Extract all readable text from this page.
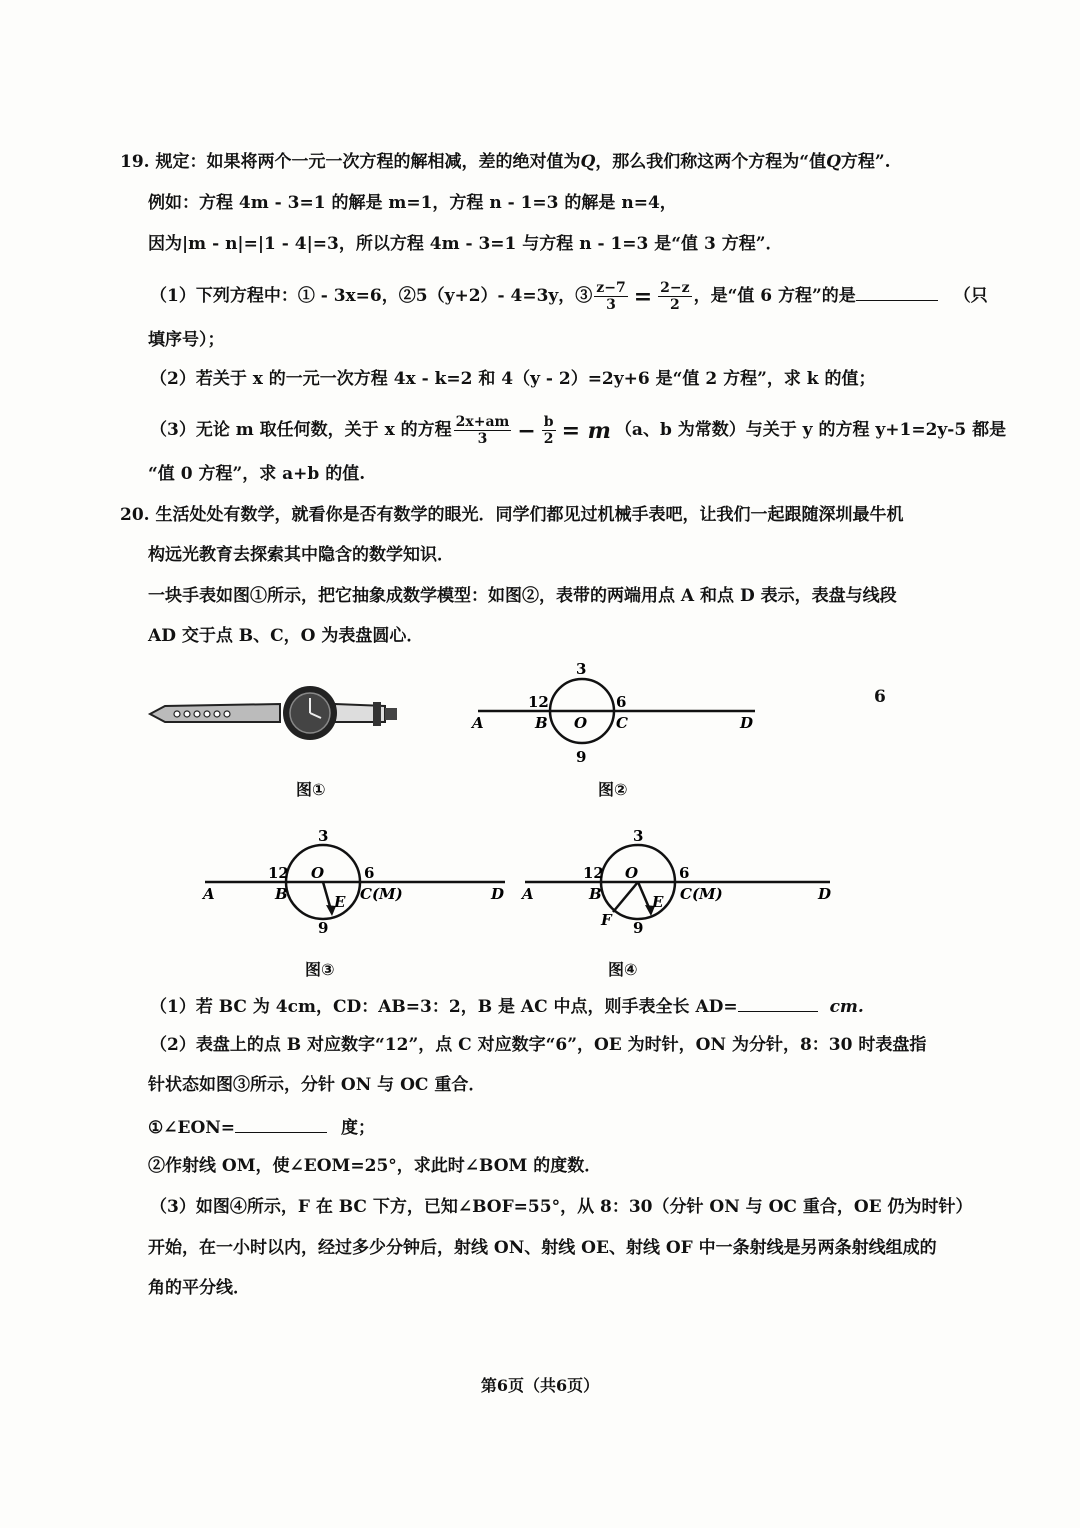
19. 规定：如果将两个一元一次方程的解相减，差的绝对值为Q，那么我们称这两个方程为“值Q方程”.
例如：方程 4m - 3=1 的解是 m=1，方程 n - 1=3 的解是 n=4，
因为|m - n|=|1 - 4|=3，所以方程 4m - 3=1 与方程 n - 1=3 是“值 3 方程”．
（1）下列方程中：① - 3x=6，②5（y+2）- 4=3y，③ $\frac{z-7}{3} = \frac{2-z}{2}$ ，是“值 6 方程”的是	（只
填序号）；
（2）若关于 x 的一元一次方程 4x - k=2 和 4（y - 2）=2y+6 是“值 2 方程”，求 k 的值；
（3）无论 m 取任何数，关于 x 的方程 $\frac{2x+am}{3} - \frac{b}{2} = m$ （a、b 为常数）与关于 y 的方程 y+1=2y-5 都是
“值 0 方程”，求 a+b 的值.
20. 生活处处有数学，就看你是否有数学的眼光．同学们都见过机械手表吧，让我们一起跟随深圳最牛机
构远光教育去探索其中隐含的数学知识．
一块手表如图①所示，把它抽象成数学模型：如图②，表带的两端用点 A 和点 D 表示，表盘与线段
AD 交于点 B、C，O 为表盘圆心．
图①
3
12	6
9
A	B O C	D
图②
6
3
12	6
9
A	B
O
E C(M)	D
图③
3
12	6
9
A	B
O
E C(M)	D
F
图④
（1）若 BC 为 4cm，CD：AB=3：2，B 是 AC 中点，则手表全长 AD=	cm.
（2）表盘上的点 B 对应数字“12”，点 C 对应数字“6”，OE 为时针，ON 为分针，8：30 时表盘指
针状态如图③所示，分针 ON 与 OC 重合．
①∠EON=	度；
②作射线 OM，使∠EOM=25°，求此时∠BOM 的度数．
（3）如图④所示，F 在 BC 下方，已知∠BOF=55°，从 8：30（分针 ON 与 OC 重合，OE 仍为时针）
开始，在一小时以内，经过多少分钟后，射线 ON、射线 OE、射线 OF 中一条射线是另两条射线组成的
角的平分线．
第6页（共6页）
